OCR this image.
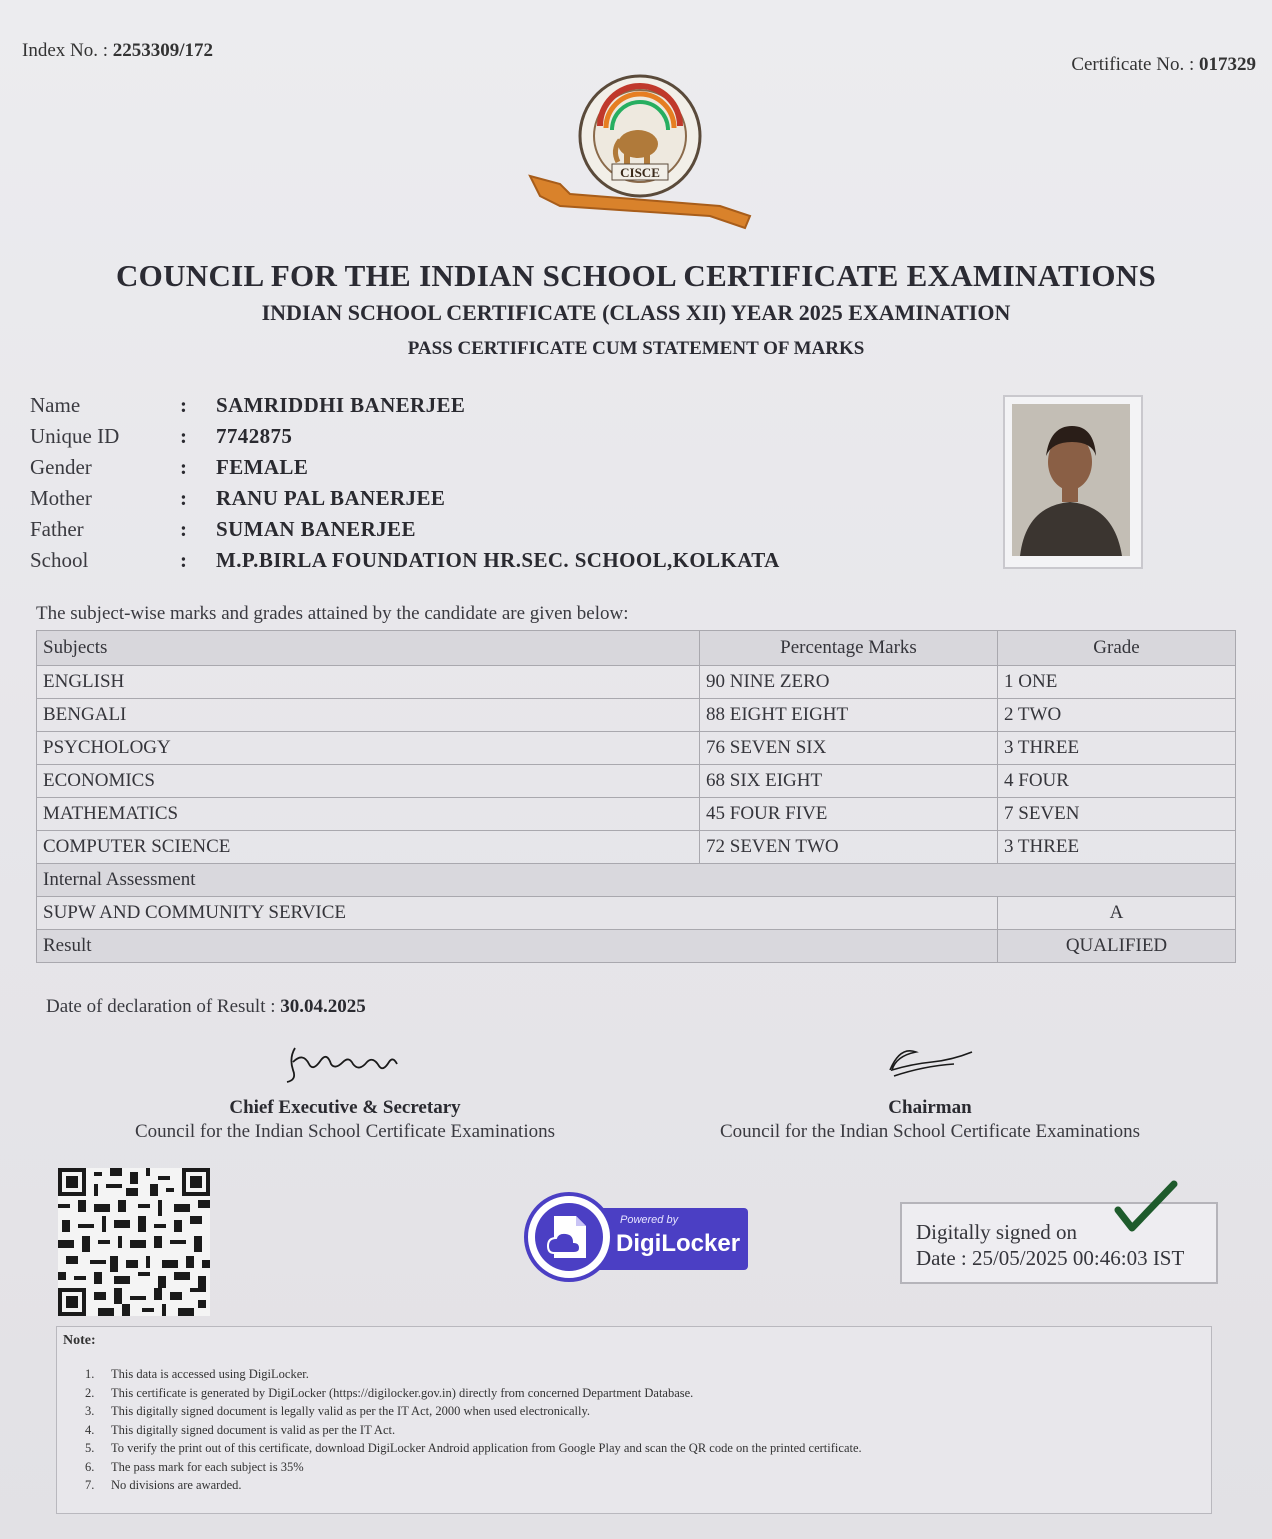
Index No. : 2253309/172
Certificate No. : 017329
CISCE
COUNCIL FOR THE INDIAN SCHOOL CERTIFICATE EXAMINATIONS
INDIAN SCHOOL CERTIFICATE (CLASS XII) YEAR 2025 EXAMINATION
PASS CERTIFICATE CUM STATEMENT OF MARKS
Name	:	SAMRIDDHI BANERJEE
Unique ID	:	7742875
Gender	:	FEMALE
Mother	:	RANU PAL BANERJEE
Father	:	SUMAN BANERJEE
School	:	M.P.BIRLA FOUNDATION HR.SEC. SCHOOL,KOLKATA
The subject-wise marks and grades attained by the candidate are given below:
Subjects	Percentage Marks	Grade
ENGLISH	90 NINE ZERO	1 ONE
BENGALI	88 EIGHT EIGHT	2 TWO
PSYCHOLOGY	76 SEVEN SIX	3 THREE
ECONOMICS	68 SIX EIGHT	4 FOUR
MATHEMATICS	45 FOUR FIVE	7 SEVEN
COMPUTER SCIENCE	72 SEVEN TWO	3 THREE
Internal Assessment		
SUPW AND COMMUNITY SERVICE		A
Result		QUALIFIED
Date of declaration of Result : 30.04.2025
Chief Executive & Secretary
Council for the Indian School Certificate Examinations
Chairman
Council for the Indian School Certificate Examinations
Powered by
DigiLocker	Digitally signed on
Date : 25/05/2025 00:46:03 IST
Note:
1.	This data is accessed using DigiLocker.
2.	This certificate is generated by DigiLocker (https://digilocker.gov.in) directly from concerned Department Database.
3.	This digitally signed document is legally valid as per the IT Act, 2000 when used electronically.
4.	This digitally signed document is valid as per the IT Act.
5.	To verify the print out of this certificate, download DigiLocker Android application from Google Play and scan the QR code on the printed certificate.
6.	The pass mark for each subject is 35%
7.	No divisions are awarded.
